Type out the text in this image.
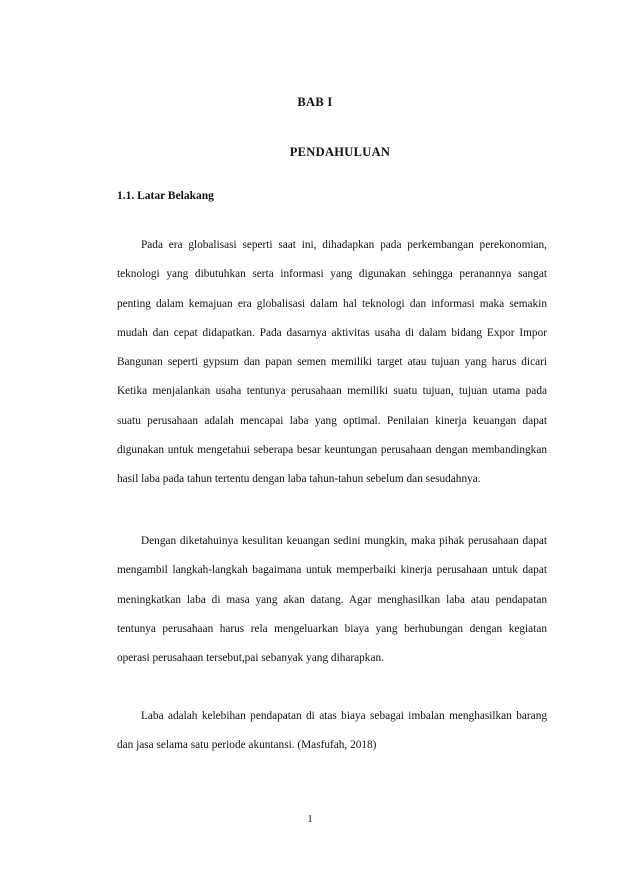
BAB I
PENDAHULUAN
1.1. Latar Belakang

Pada era globalisasi seperti saat ini, dihadapkan pada perkembangan perekonomian, teknologi yang dibutuhkan serta informasi yang digunakan sehingga peranannya sangat penting dalam kemajuan era globalisasi dalam hal teknologi dan informasi maka semakin mudah dan cepat didapatkan. Pada dasarnya aktivitas usaha di dalam bidang Expor Impor Bangunan seperti gypsum dan papan semen memiliki target atau tujuan yang harus dicari Ketika menjalankan usaha tentunya perusahaan memiliki suatu tujuan, tujuan utama pada suatu perusahaan adalah mencapai laba yang optimal. Penilaian kinerja keuangan dapat digunakan untuk mengetahui seberapa besar keuntungan perusahaan dengan membandingkan hasil laba pada tahun tertentu dengan laba tahun-tahun sebelum dan sesudahnya.

Dengan diketahuinya kesulitan keuangan sedini mungkin, maka pihak perusahaan dapat mengambil langkah-langkah bagaimana untuk memperbaiki kinerja perusahaan untuk dapat meningkatkan laba di masa yang akan datang. Agar menghasilkan laba atau pendapatan tentunya perusahaan harus rela mengeluarkan biaya yang berhubungan dengan kegiatan operasi perusahaan tersebut,pai sebanyak yang diharapkan.

Laba adalah kelebihan pendapatan di atas biaya sebagai imbalan menghasilkan barang dan jasa selama satu periode akuntansi. (Masfufah, 2018)

1
